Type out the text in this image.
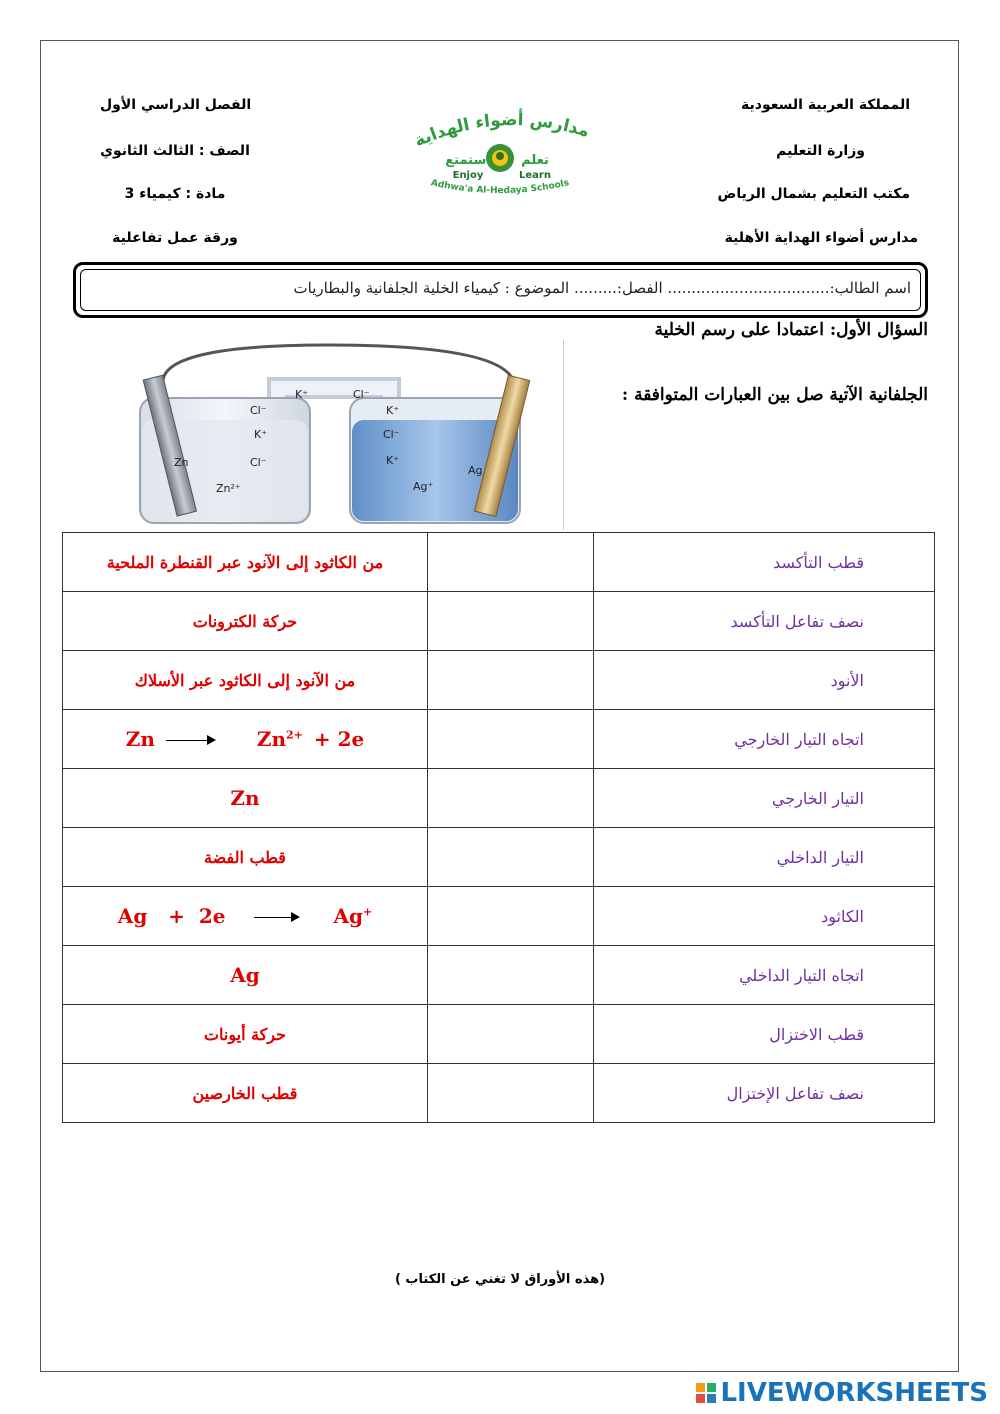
المملكة العربية السعودية
وزارة التعليم
مكتب التعليم بشمال الرياض
مدارس أضواء الهداية الأهلية
الفصل الدراسي الأول
الصف : الثالث الثانوي
مادة : كيمياء 3
ورقة عمل تفاعلية
مدارس أضواء الهداية
استمتع تعلم
Enjoy	Learn
Adhwa'a Al-Hedaya Schools
اسم الطالب:.................................. الفصل:......... الموضوع : كيمياء الخلية الجلفانية والبطاريات
السؤال الأول: اعتمادا على رسم الخلية
الجلفانية الآتية صل بين العبارات المتوافقة :
K⁺	Cl⁻
Cl⁻
K⁺
Cl⁻
Zn²⁺
Zn
K⁺
Cl⁻
K⁺
Ag⁺
Ag
من الكاثود إلى الآنود عبر القنطرة الملحية		قطب التأكسد
حركة الكترونات		نصف تفاعل التأكسد
من الآنود إلى الكاثود عبر الأسلاك		الأنود
Zn $Zn^{2+} + 2e$		اتجاه التيار الخارجي
Zn		التيار الخارجي
قطب الفضة		التيار الداخلي
Ag   +  2e Ag+		الكاثود
Ag		اتجاه التيار الداخلي
حركة أيونات		قطب الاختزال
قطب الخارصين		نصف تفاعل الإختزال
(هذه الأوراق لا تغني عن الكتاب )
LIVEWORKSHEETS
